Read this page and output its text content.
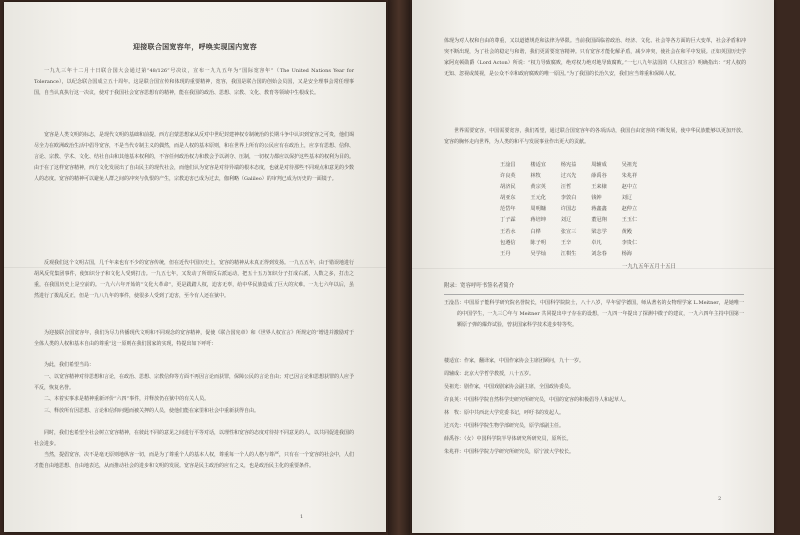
迎接联合国宽容年，呼唤实现国内宽容
一九九三年十二月十日联合国大会通过第“48/126”号决议，宣布一九九五年为“国际宽容年”（The United Nations Year for Tolerance），以纪念联合国成立五十周年。这是联合国宣传和体现的重要精神，宽容，我国是联合国的创始会员国，又是安全理事会常任理事国，自当认真执行这一决议，使对于我国社会宽容思想有的精神，能在我国的政治、思想、宗教、文化、教育等领域中生根成长。
宽容是人类文明的标志，是现代文明的基础和前提。西方启蒙思想家从反对中世纪封建神权专制统治的长期斗争中认识到宽容之可贵，他们竭尽全力在欧洲政治生活中倡导宽容，不是当代专制主义的偶然，而是人权的基本原则，和在世界上所有的公民应有在政治上，应享有思想、信仰、言论、宗教、学术、文化、结社自由和其他基本权利的，不容任何政治权力和教会予以剥夺、压制，一切权力都应以保护这些基本的权利为目的。由于在了这样宽容精神，西方文化发展出了自由民主的现代社会，而他们认为宽容是对待异端的根本态度，也就是对待那些不同观点和意见的少数人的态度。宽容的精神可以避免人群之间的冲突与仇恨的产生，宗教迫害已成为过去，伽利略（Galileo）的审判已成为历史的一面镜子。
反观我们这个文明古国，几千年来也有不少的宽容传统，但在近代中国历史上，宽容的精神从未真正得到发扬。一九五五年，由于错误地进行胡风反党集团事件，使知识分子和文化人受到打击。一九五七年，又发动了所谓反右派运动，把五十五万知识分子打成右派，人数之多，打击之重，在我国历史上是空前的。一九六六年开始的“文化大革命”，更是践踏人权，迫害无辜，给中华民族造成了巨大的灾难。一九七六年以后，虽然进行了拨乱反正，但是一九八九年的事件，使很多人受到了迫害，至今有人还在狱中。
为迎接联合国宽容年，我们为尽力传播现代文明和不同观念的宽容精神，促使《联合国宪章》和《世界人权宣言》所规定的“增进并激励对于全体人类的人权和基本自由的尊重”这一原则在我们国家的实现，特提出如下呼吁：
为此，我们希望当局：
一、以宽容精神对待思想和言论，在政治、思想、宗教信仰等方面不再因言论而获罪，保障公民的言论自由；对已因言论和思想获罪的人应予平反，恢复名誉。
二、本着实事求是精神重新评价“六四”事件，并释放仍在狱中的有关人员。
三、释放所有因思想、言论和信仰问题而被关押的人员，使他们能在家里和社会中重新获得自由。
同时，我们也希望全社会树立宽容精神，在彼此不同的意见之间进行平等对话，以理性和宽容的态度对待持不同意见的人，以共同促进我国的社会进步。
当然，提倡宽容，决不是毫无原则地纵容一切，而是为了尊重个人的基本人权，尊重每一个人的人格与尊严，只有在一个宽容的社会中，人们才能自由地思想、自由地表达，从而推动社会的进步和文明的发展。宽容是民主政治的应有之义，也是政治民主化的重要条件。
1
体现为对人权和自由的尊重，又以道德规范和法律为界限。当前我国面临着政治、经济、文化、社会等各方面的巨大变革，社会矛盾和冲突不断出现，为了社会的稳定与和谐，我们更需要宽容精神。只有宽容才能化解矛盾，减少冲突，使社会在和平中发展。正如英国历史学家阿克顿勋爵（Lord Acton）所说：“权力导致腐败，绝对权力绝对地导致腐败。”一七八九年法国的《人权宣言》明确指出：“对人权的无知、忽视或蔑视，是公众不幸和政府腐败的唯一原因。”为了我国的长治久安，我们应当尊重和保障人权。
世界需要宽容，中国需要宽容，我们希望，通过联合国宽容年的各项活动，我国自由宽容的不断发展，使中华民族能够以更加开放、宽容的胸怀走向世界，为人类的和平与发展事业作出更大的贡献。
王淦昌	楼适宜	杨宪益	周辅成	吴祖光
许良英	林牧	过兴先	薛禹谷	朱兆祥
胡济民	黄宗英	汪哲	王来棣	赵中立
胡亚东	王元化	李敦白	钱钟	刘辽
范岱年	周明镛	许国志	蒋鑫鑫	赵仲立
丁子霖	蒋培坤	刘辽	董冠翔	王玉仁
王若水	白桦	张宣三	梁志学	黄殿
包遵信	陈子明	王辛	卓凡	李贵仁
王丹	吴学灿	江棋生	刘念春	杨海
一九九五年五月十五日
附录：宽容呼吁书签名者简介
王淦昌：中国原子能科学研究院名誉院长，中国科学院院士，八十八岁，早年留学德国，师从著名的女物理学家 L.Meitner，是她唯一的中国学生，一九三〇年与 Meitner 共同提出中子存在的设想，一九四一年提出了探测中微子的建议，一九六四年主持中国第一颗原子弹的爆炸试验，曾获国家科学技术进步特等奖。
楼适宜：作家，翻译家，中国作家协会主席团顾问，九十一岁。
周辅成：北京大学哲学教授，八十五岁。
吴祖光：剧作家，中国戏剧家协会副主席，全国政协委员。
许良英：中国科学院自然科学史研究所研究员，中国的宽容的积极倡导人和起草人。
林　牧：原中共西北大学党委书记，呼吁书的发起人。
过兴先：中国科学院生物学部研究员，原学部副主任。
薛禹谷：（女）中国科学院半导体研究所研究员，原所长。
朱兆祥：中国科学院力学研究所研究员，原宁波大学校长。
2
